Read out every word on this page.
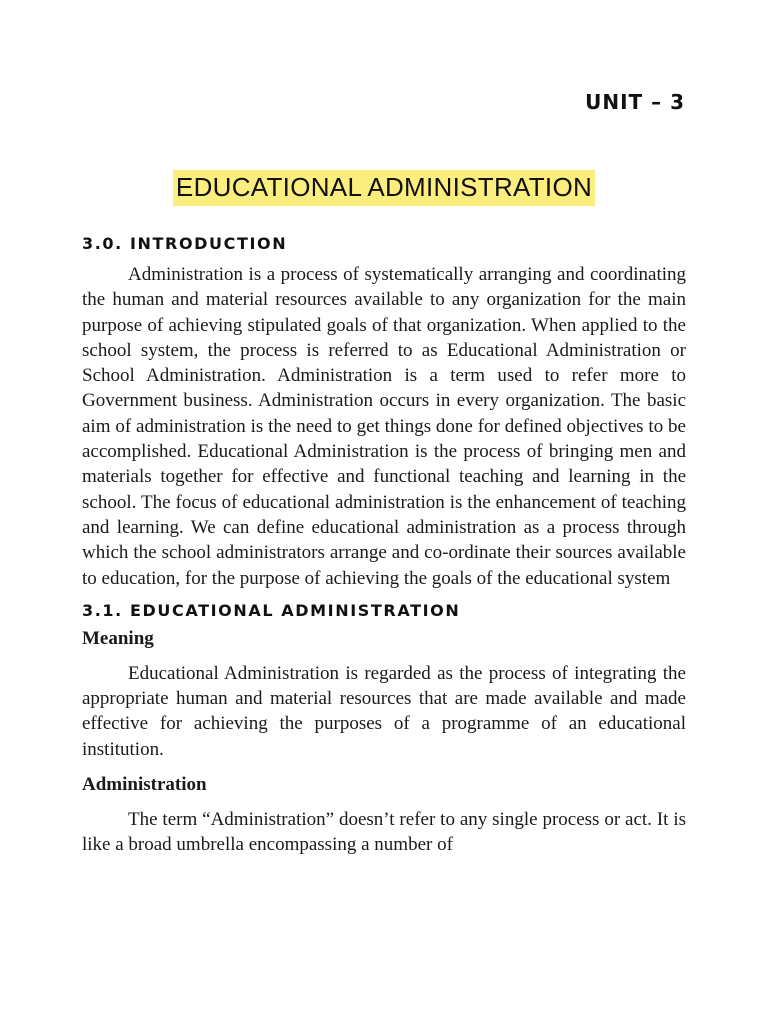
UNIT – 3
EDUCATIONAL ADMINISTRATION
3.0. INTRODUCTION

Administration is a process of systematically arranging and coordinating the human and material resources available to any organization for the main purpose of achieving stipulated goals of that organization. When applied to the school system, the process is referred to as Educational Administration or School Administration. Administration is a term used to refer more to Government business. Administration occurs in every organization. The basic aim of administration is the need to get things done for defined objectives to be accomplished. Educational Administration is the process of bringing men and materials together for effective and functional teaching and learning in the school. The focus of educational administration is the enhancement of teaching and learning. We can define educational administration as a process through which the school administrators arrange and co-ordinate their sources available to education, for the purpose of achieving the goals of the educational system

3.1. EDUCATIONAL ADMINISTRATION
Meaning

Educational Administration is regarded as the process of integrating the appropriate human and material resources that are made available and made effective for achieving the purposes of a programme of an educational institution.

Administration

The term “Administration” doesn’t refer to any single process or act. It is like a broad umbrella encompassing a number of
